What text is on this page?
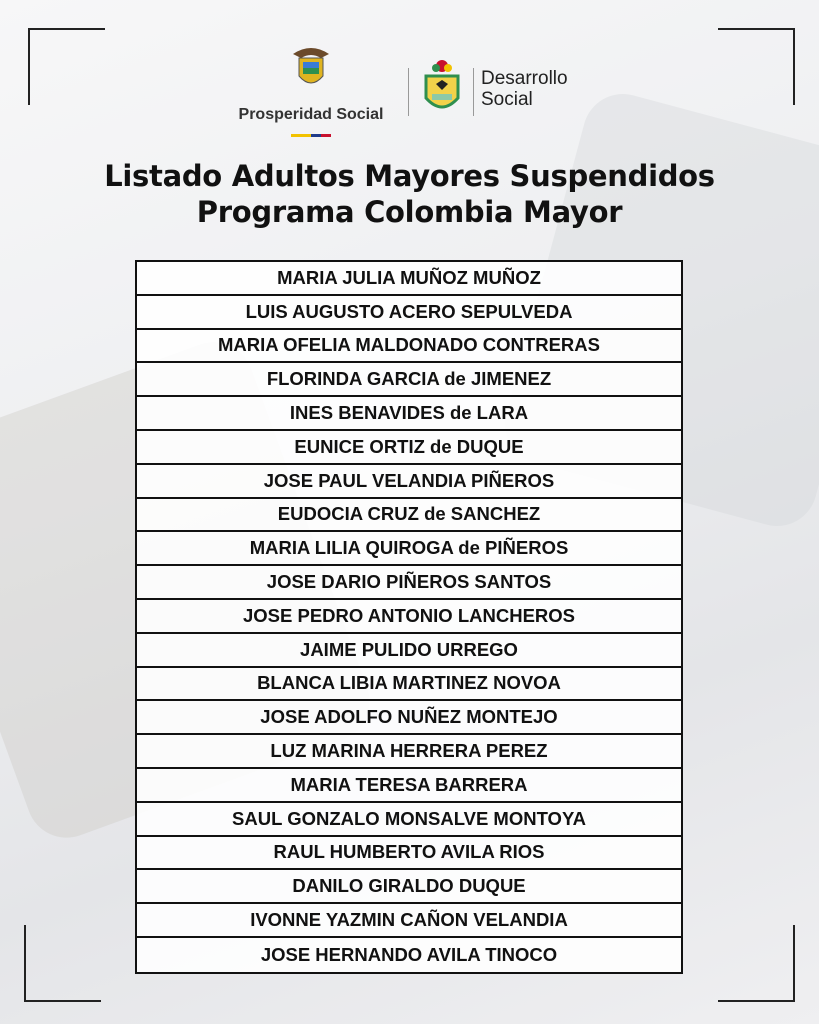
Prosperidad Social
Desarrollo
Social
Listado Adultos Mayores Suspendidos
Programa Colombia Mayor
MARIA JULIA MUÑOZ MUÑOZ
LUIS AUGUSTO ACERO SEPULVEDA
MARIA OFELIA MALDONADO CONTRERAS
FLORINDA GARCIA de JIMENEZ
INES BENAVIDES de LARA
EUNICE ORTIZ de DUQUE
JOSE PAUL VELANDIA PIÑEROS
EUDOCIA CRUZ de SANCHEZ
MARIA LILIA QUIROGA de PIÑEROS
JOSE DARIO PIÑEROS SANTOS
JOSE PEDRO ANTONIO LANCHEROS
JAIME PULIDO URREGO
BLANCA LIBIA MARTINEZ NOVOA
JOSE ADOLFO NUÑEZ MONTEJO
LUZ MARINA HERRERA PEREZ
MARIA TERESA BARRERA
SAUL GONZALO MONSALVE MONTOYA
RAUL HUMBERTO AVILA RIOS
DANILO GIRALDO DUQUE
IVONNE YAZMIN CAÑON VELANDIA
JOSE HERNANDO AVILA TINOCO
